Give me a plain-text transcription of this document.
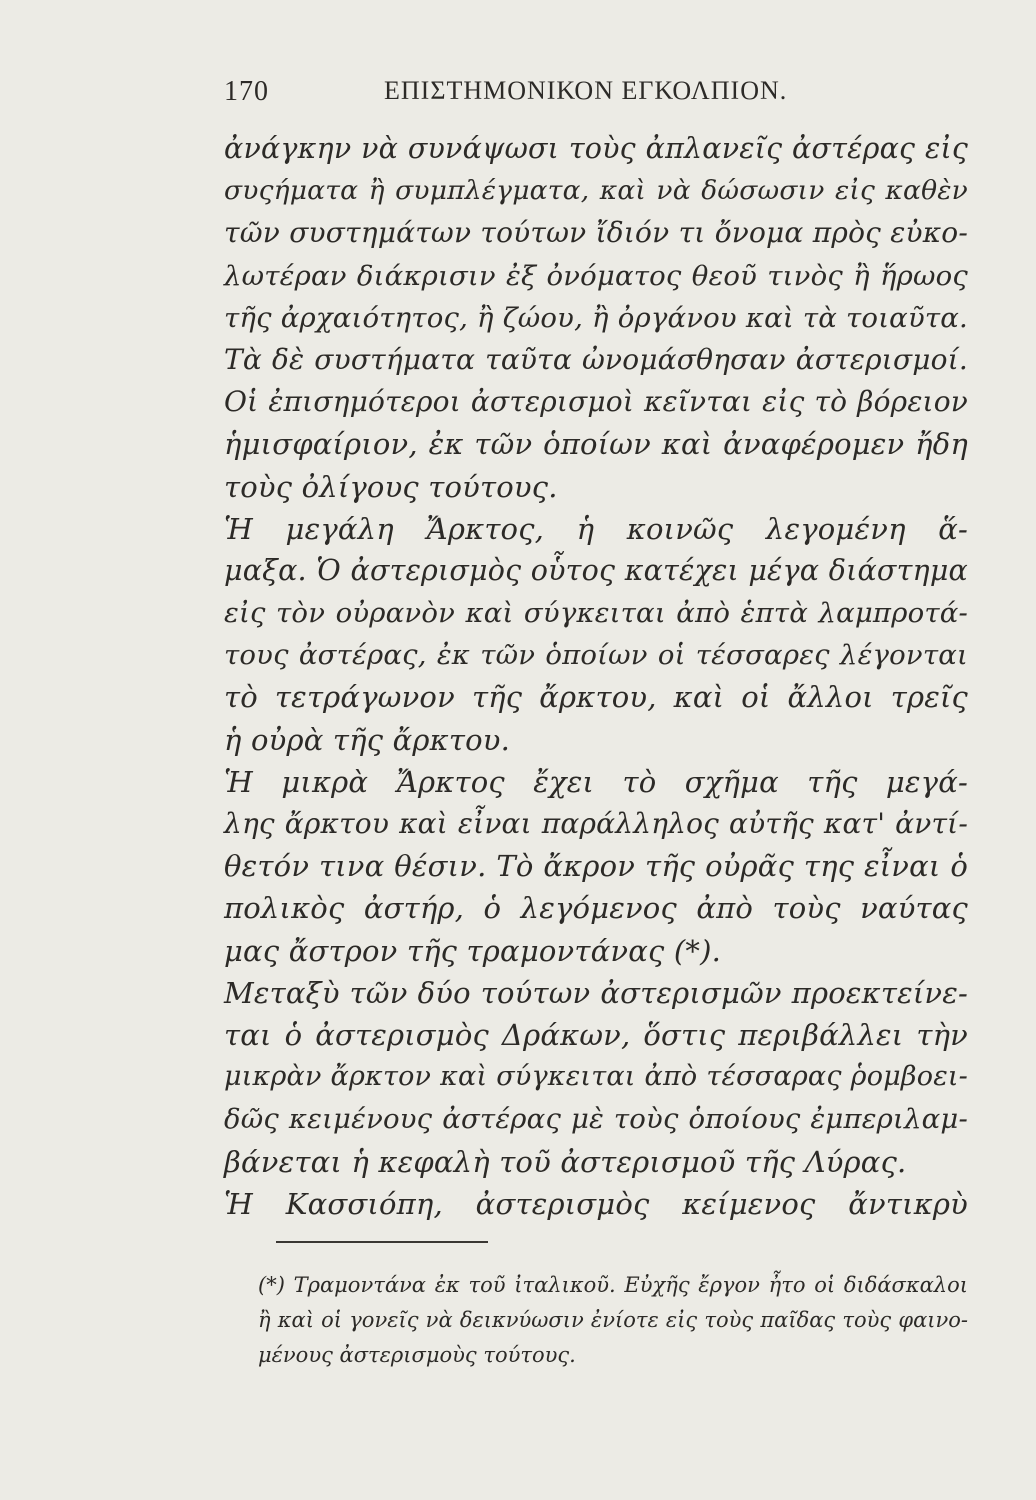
170	ΕΠΙΣΤΗΜΟΝΙΚΟΝ ΕΓΚΟΛΠΙΟΝ.
ἀνάγκην νὰ συνάψωσι τοὺς ἀπλανεῖς ἀστέρας εἰς
συςήματα ἢ συμπλέγματα, καὶ νὰ δώσωσιν εἰς καθὲν
τῶν συστημάτων τούτων ἴδιόν τι ὄνομα πρὸς εὐκο-
λωτέραν διάκρισιν ἐξ ὀνόματος θεοῦ τινὸς ἢ ἥρωος
τῆς ἀρχαιότητος, ἢ ζώου, ἢ ὀργάνου καὶ τὰ τοιαῦτα.
Τὰ δὲ συστήματα ταῦτα ὠνομάσθησαν ἀστερισμοί.
Οἱ ἐπισημότεροι ἀστερισμοὶ κεῖνται εἰς τὸ βόρειον
ἡμισφαίριον, ἐκ τῶν ὁποίων καὶ ἀναφέρομεν ἤδη
τοὺς ὀλίγους τούτους.
Ἡ μεγάλη Ἄρκτος, ἡ κοινῶς λεγομένη ἅ-
μαξα. Ὁ ἀστερισμὸς οὗτος κατέχει μέγα διάστημα
εἰς τὸν οὐρανὸν καὶ σύγκειται ἀπὸ ἑπτὰ λαμπροτά-
τους ἀστέρας, ἐκ τῶν ὁποίων οἱ τέσσαρες λέγονται
τὸ τετράγωνον τῆς ἄρκτου, καὶ οἱ ἄλλοι τρεῖς
ἡ οὐρὰ τῆς ἄρκτου.
Ἡ μικρὰ Ἄρκτος ἔχει τὸ σχῆμα τῆς μεγά-
λης ἄρκτου καὶ εἶναι παράλληλος αὐτῆς κατ' ἀντί-
θετόν τινα θέσιν. Τὸ ἄκρον τῆς οὐρᾶς της εἶναι ὁ
πολικὸς ἀστήρ, ὁ λεγόμενος ἀπὸ τοὺς ναύτας
μας ἄστρον τῆς τραμοντάνας (*).
Μεταξὺ τῶν δύο τούτων ἀστερισμῶν προεκτείνε-
ται ὁ ἀστερισμὸς Δράκων, ὅστις περιβάλλει τὴν
μικρὰν ἄρκτον καὶ σύγκειται ἀπὸ τέσσαρας ῥομβοει-
δῶς κειμένους ἀστέρας μὲ τοὺς ὁποίους ἐμπεριλαμ-
βάνεται ἡ κεφαλὴ τοῦ ἀστερισμοῦ τῆς Λύρας.
Ἡ Κασσιόπη, ἀστερισμὸς κείμενος ἄντικρὺ
(*) Τραμοντάνα ἐκ τοῦ ἰταλικοῦ. Εὐχῆς ἔργον ἦτο οἱ διδάσκαλοι
ἢ καὶ οἱ γονεῖς νὰ δεικνύωσιν ἐνίοτε εἰς τοὺς παῖδας τοὺς φαινο-
μένους ἀστερισμοὺς τούτους.
